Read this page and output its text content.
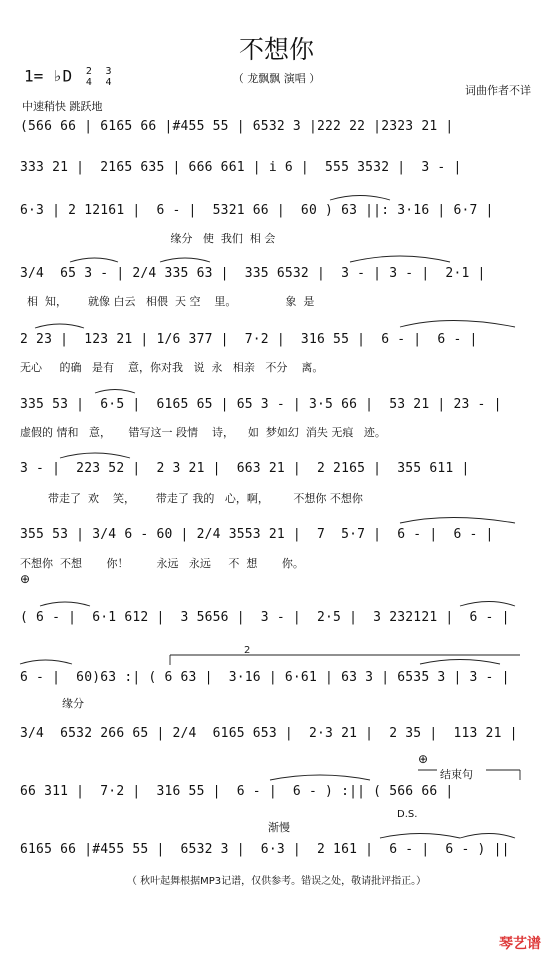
不想你
（ 龙飘飘 演唱 ）
1= ♭D 2
4 3
4
中速稍快 跳跃地
词曲作者不详
(566 66 | 6165 66 |#455 55 | 6532 3 |222 22 |2323 21 |
333 21 |  2165 635 | 666 661 | i 6 |  555 3532 |  3 - |
6·3 | 2 12161 |  6 - |  5321 66 |  60 ) 63 ||: 3·16 | 6·7 |
缘分   使  我们  相 会
3/4  65 3 - | 2/4 335 63 |  335 6532 |  3 - | 3 - |  2·1 |
相  知，      就像 白云   相偎  天 空    里。              象  是
2 23 |  123 21 | 1/6 377 |  7·2 |  316 55 |  6 - |  6 - |
无心     的确   是有    意，你对我   说  永   相亲   不分    离。
335 53 |  6·5 |  6165 65 | 65 3 - | 3·5 66 |  53 21 | 23 - |
虚假的 情和   意，     错写这一 段情    诗，    如  梦如幻  消失 无痕   迹。
3 - |  223 52 |  2 3 21 |  663 21 |  2 2165 |  355 611 |
带走了  欢    笑，      带走了 我的   心，啊，       不想你 不想你
355 53 | 3/4 6 - 60 | 2/4 3553 21 |  7  5·7 |  6 - |  6 - |
不想你  不想       你！        永远   永远     不  想       你。
⊕
( 6 - |  6·1 612 |  3 5656 |  3 - |  2·5 |  3 232121 |  6 - |
6 - |  60)63 :| ( 6 63 |  3·16 | 6·61 | 63 3 | 6535 3 | 3 - |
缘分
3/4  6532 266 65 | 2/4  6165 653 |  2·3 21 |  2 35 |  113 21 |
66 311 |  7·2 |  316 55 |  6 - |  6 - ) :|| ( 566 66 |
D.S.
结束句
⊕
渐慢
6165 66 |#455 55 |  6532 3 |  6·3 |  2 161 |  6 - |  6 - ) ||
（ 秋叶起舞根据MP3记谱，仅供参考。错误之处，敬请批评指正。）
琴艺谱
2
